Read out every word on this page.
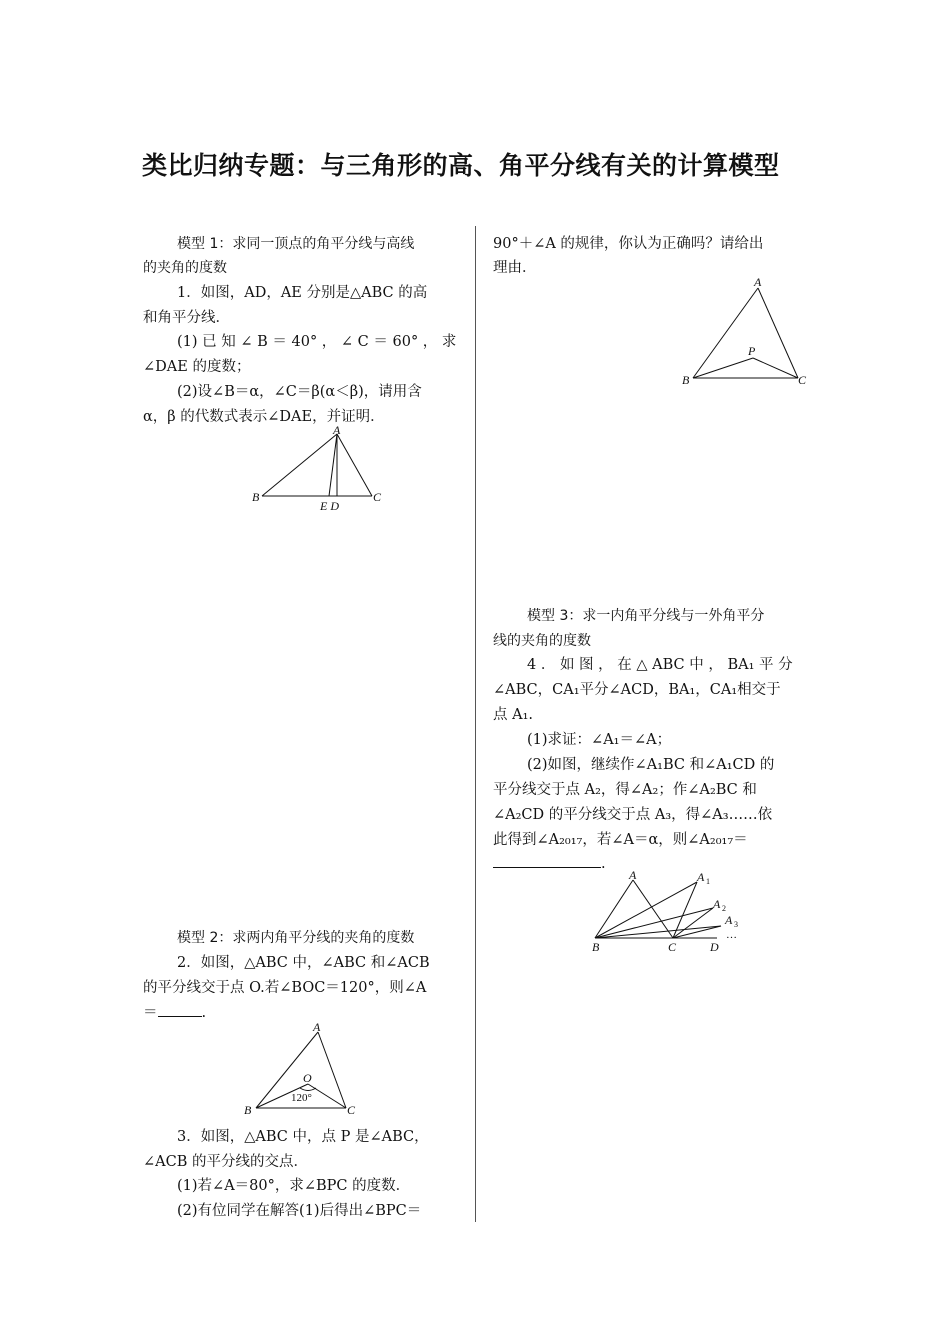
类比归纳专题：与三角形的高、角平分线有关的计算模型
模型 1：求同一顶点的角平分线与高线
的夹角的度数
1．如图，AD，AE 分别是△ABC 的高
和角平分线．
(1) 已 知 ∠ B ＝ 40° ， ∠ C ＝ 60° ， 求
∠DAE 的度数；
(2)设∠B＝α，∠C＝β(α＜β)，请用含
α，β 的代数式表示∠DAE，并证明．
A
B	C
E D
模型 2：求两内角平分线的夹角的度数
2．如图，△ABC 中，∠ABC 和∠ACB
的平分线交于点 O.若∠BOC＝120°，则∠A
＝	.
A
B	C
O
120°
3．如图，△ABC 中，点 P 是∠ABC，
∠ACB 的平分线的交点．
(1)若∠A＝80°，求∠BPC 的度数．
(2)有位同学在解答(1)后得出∠BPC＝
90°＋∠A 的规律，你认为正确吗？请给出
理由．
A
B	C
P
模型 3：求一内角平分线与一外角平分
线的夹角的度数
4 ． 如 图 ， 在 △ ABC 中 ， BA₁ 平 分
∠ABC，CA₁平分∠ACD，BA₁，CA₁相交于
点 A₁.
(1)求证：∠A₁＝∠A；
(2)如图，继续作∠A₁BC 和∠A₁CD 的
平分线交于点 A₂，得∠A₂；作∠A₂BC 和
∠A₂CD 的平分线交于点 A₃，得∠A₃……依
此得到∠A₂₀₁₇，若∠A＝α，则∠A₂₀₁₇＝
.
A	A 1
A 2
A 3
…
B	C	D
